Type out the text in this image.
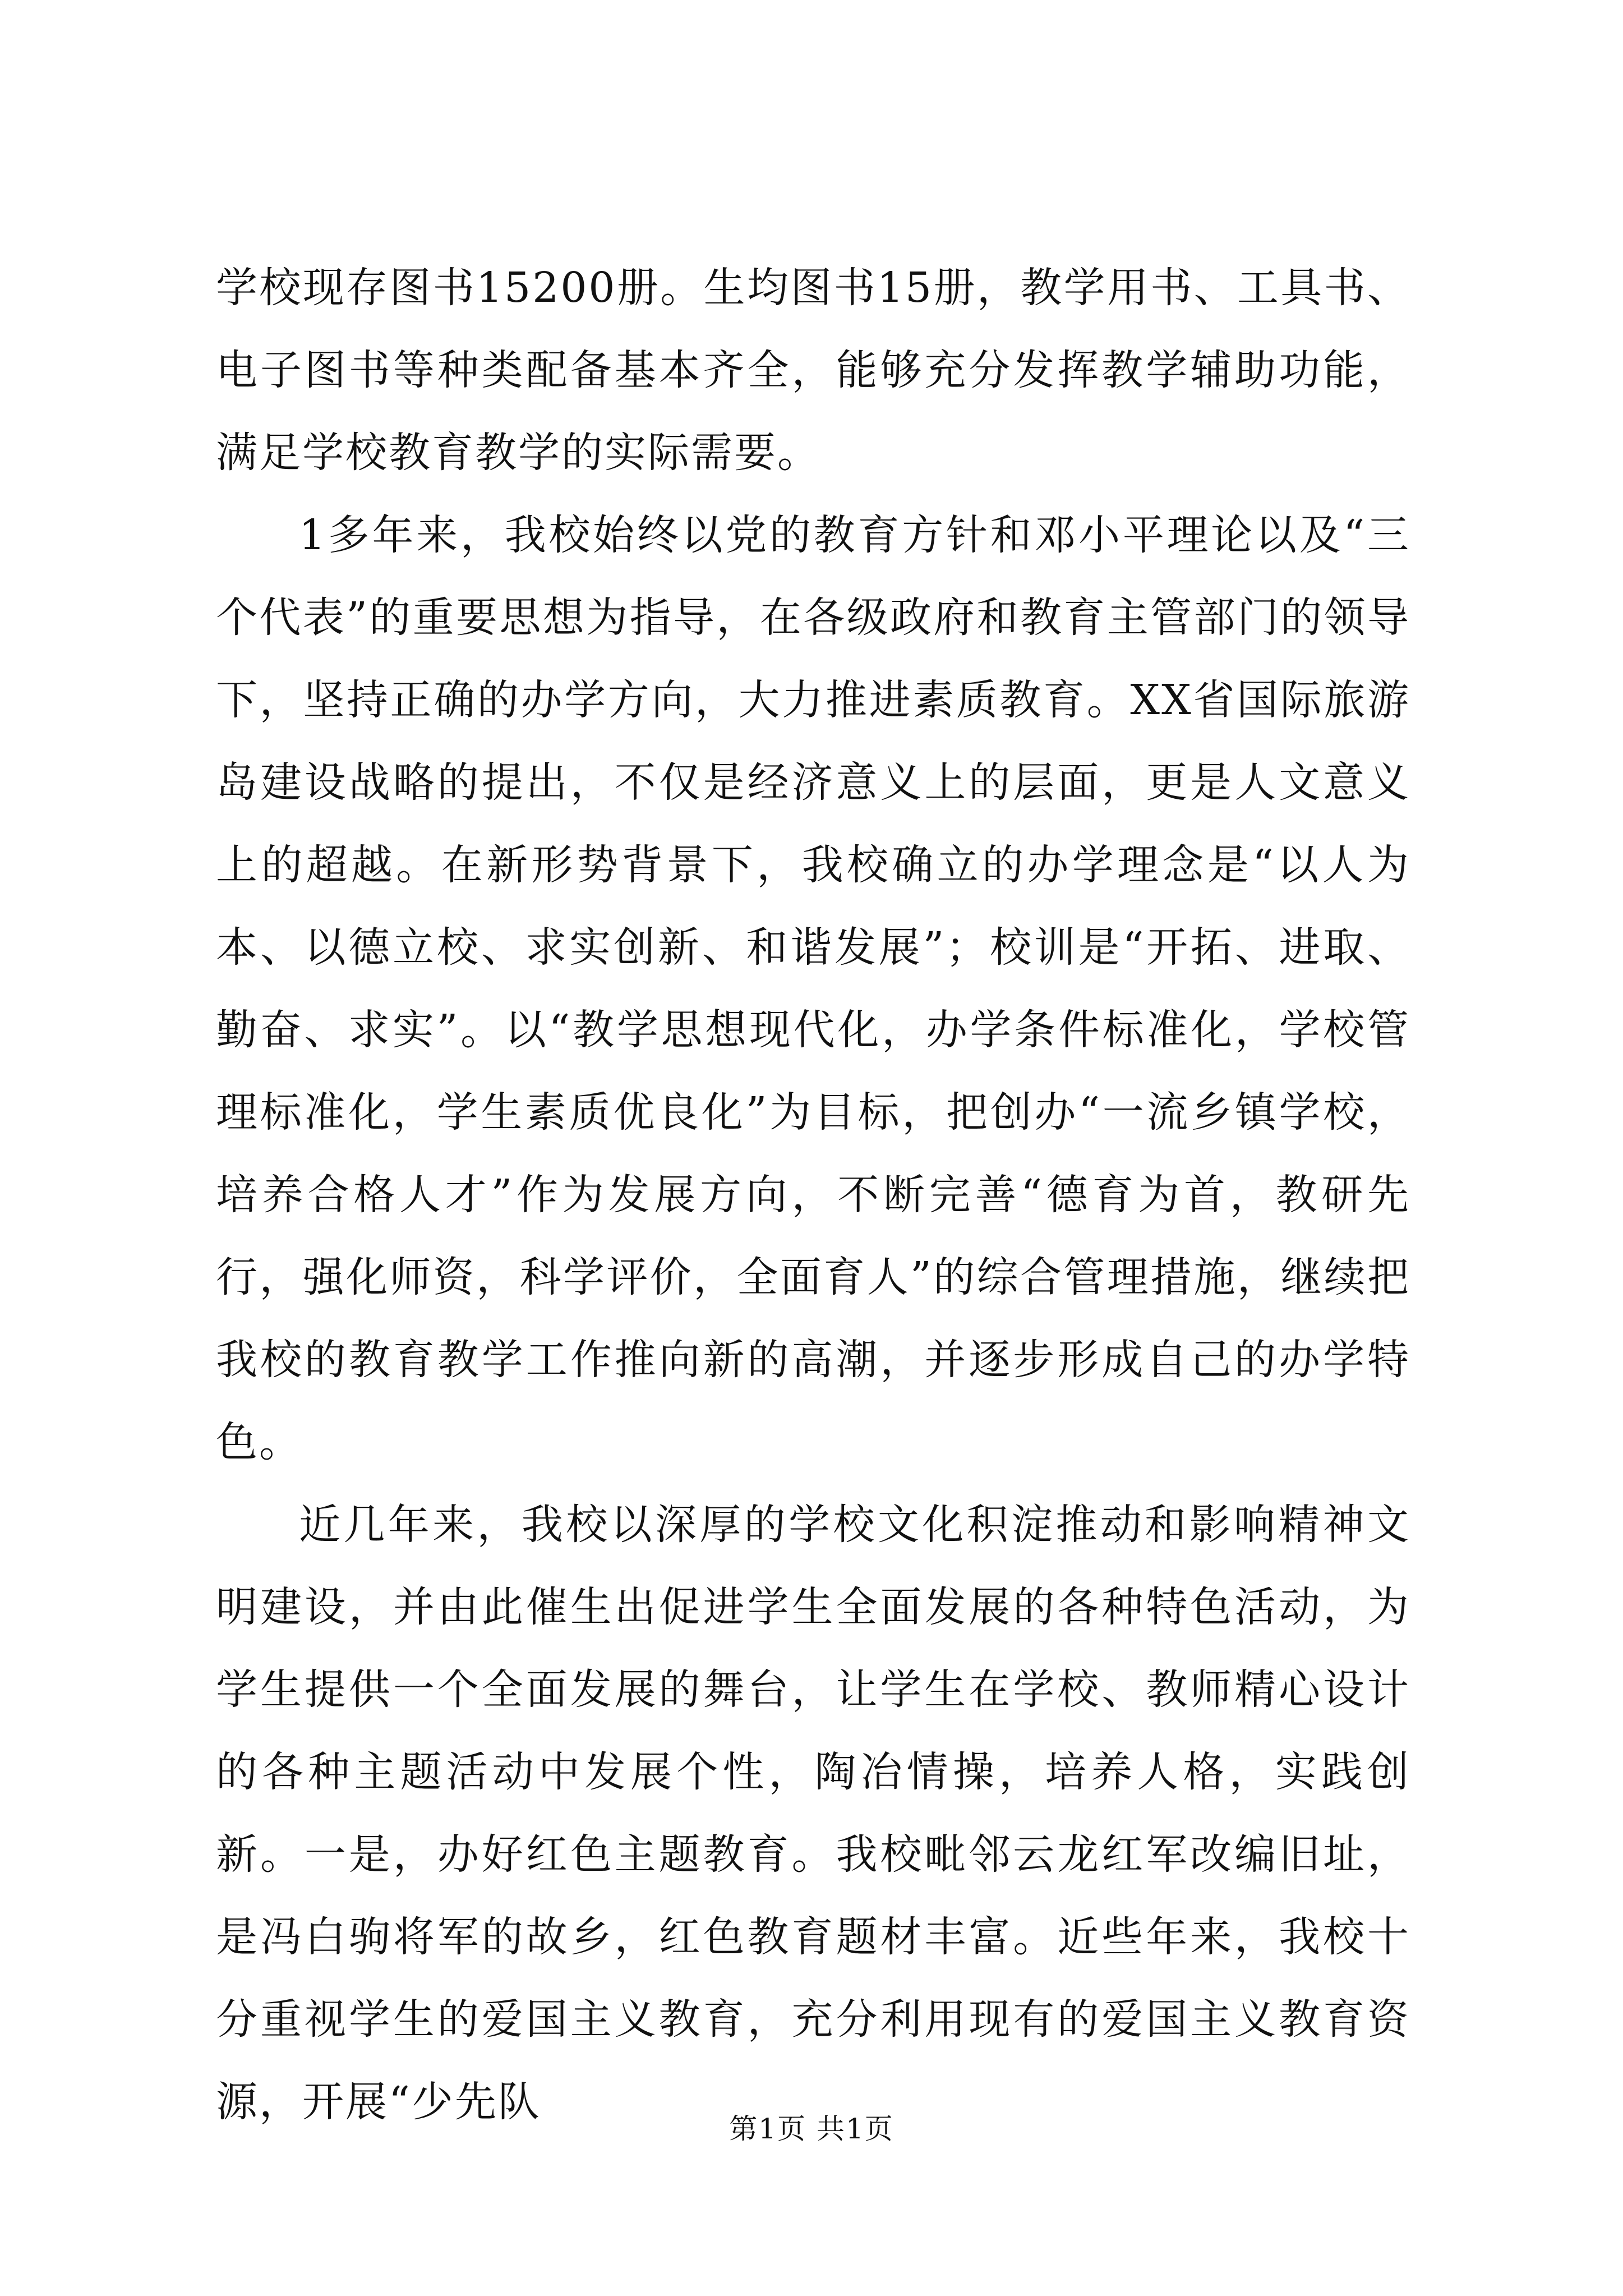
学校现存图书15200册。生均图书15册，教学用书、工具书、电子图书等种类配备基本齐全，能够充分发挥教学辅助功能，满足学校教育教学的实际需要。

1多年来，我校始终以党的教育方针和邓小平理论以及“三个代表”的重要思想为指导，在各级政府和教育主管部门的领导下，坚持正确的办学方向，大力推进素质教育。XX省国际旅游岛建设战略的提出，不仅是经济意义上的层面，更是人文意义上的超越。在新形势背景下，我校确立的办学理念是“以人为本、以德立校、求实创新、和谐发展”；校训是“开拓、进取、勤奋、求实”。以“教学思想现代化，办学条件标准化，学校管理标准化，学生素质优良化”为目标，把创办“一流乡镇学校，培养合格人才”作为发展方向，不断完善“德育为首，教研先行，强化师资，科学评价，全面育人”的综合管理措施，继续把我校的教育教学工作推向新的高潮，并逐步形成自己的办学特色。

近几年来，我校以深厚的学校文化积淀推动和影响精神文明建设，并由此催生出促进学生全面发展的各种特色活动，为学生提供一个全面发展的舞台，让学生在学校、教师精心设计的各种主题活动中发展个性，陶冶情操，培养人格，实践创新。一是，办好红色主题教育。我校毗邻云龙红军改编旧址，是冯白驹将军的故乡，红色教育题材丰富。近些年来，我校十分重视学生的爱国主义教育，充分利用现有的爱国主义教育资源，开展“少先队

第1页 共1页
